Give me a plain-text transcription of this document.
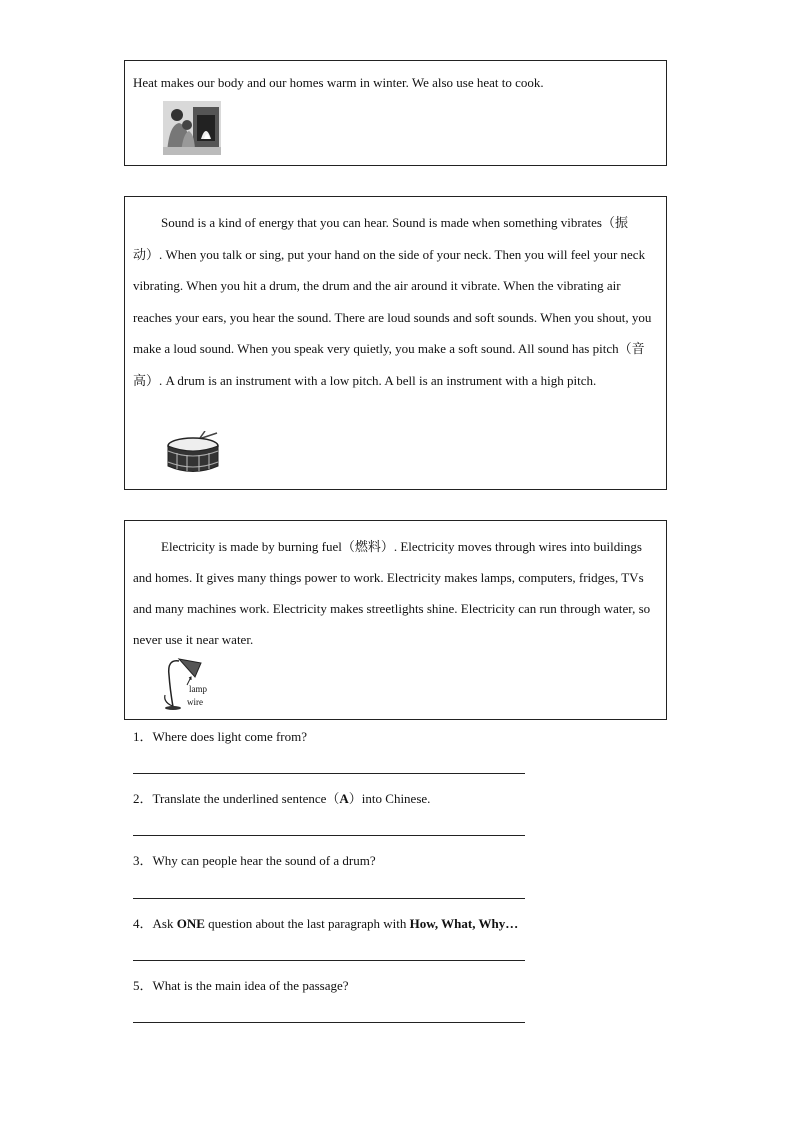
Heat makes our body and our homes warm in winter. We also use heat to cook.

Sound is a kind of energy that you can hear. Sound is made when something vibrates（振动）. When you talk or sing, put your hand on the side of your neck. Then you will feel your neck vibrating. When you hit a drum, the drum and the air around it vibrate. When the vibrating air reaches your ears, you hear the sound. There are loud sounds and soft sounds. When you shout, you make a loud sound. When you speak very quietly, you make a soft sound. All sound has pitch（音高）. A drum is an instrument with a low pitch. A bell is an instrument with a high pitch.

Electricity is made by burning fuel（燃料）. Electricity moves through wires into buildings and homes. It gives many things power to work. Electricity makes lamps, computers, fridges, TVs and many machines work. Electricity makes streetlights shine. Electricity can run through water, so never use it near water.

lamp
wire
1．Where does light come from?
2．Translate the underlined sentence（A）into Chinese.
3．Why can people hear the sound of a drum?
4．Ask ONE question about the last paragraph with How, What, Why…
5．What is the main idea of the passage?
